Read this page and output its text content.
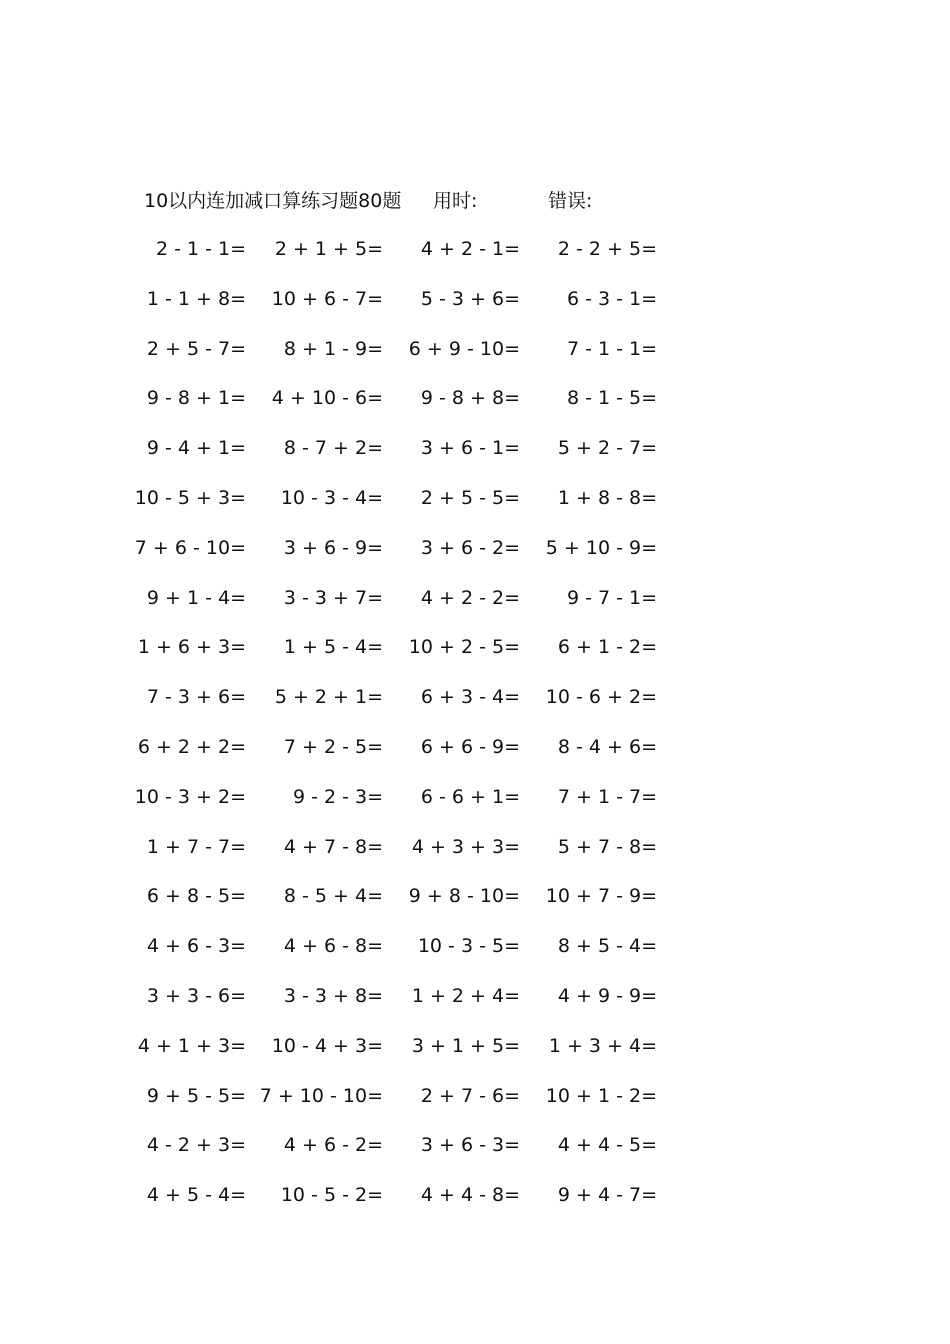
10以内连加减口算练习题80题 用时:	错误:
2 - 1 - 1= 2 + 1 + 5= 4 + 2 - 1= 2 - 2 + 5=
1 - 1 + 8= 10 + 6 - 7= 5 - 3 + 6= 6 - 3 - 1=
2 + 5 - 7= 8 + 1 - 9= 6 + 9 - 10= 7 - 1 - 1=
9 - 8 + 1= 4 + 10 - 6= 9 - 8 + 8= 8 - 1 - 5=
9 - 4 + 1= 8 - 7 + 2= 3 + 6 - 1= 5 + 2 - 7=
10 - 5 + 3= 10 - 3 - 4= 2 + 5 - 5= 1 + 8 - 8=
7 + 6 - 10= 3 + 6 - 9= 3 + 6 - 2= 5 + 10 - 9=
9 + 1 - 4= 3 - 3 + 7= 4 + 2 - 2= 9 - 7 - 1=
1 + 6 + 3= 1 + 5 - 4= 10 + 2 - 5= 6 + 1 - 2=
7 - 3 + 6= 5 + 2 + 1= 6 + 3 - 4= 10 - 6 + 2=
6 + 2 + 2= 7 + 2 - 5= 6 + 6 - 9= 8 - 4 + 6=
10 - 3 + 2= 9 - 2 - 3= 6 - 6 + 1= 7 + 1 - 7=
1 + 7 - 7= 4 + 7 - 8= 4 + 3 + 3= 5 + 7 - 8=
6 + 8 - 5= 8 - 5 + 4= 9 + 8 - 10= 10 + 7 - 9=
4 + 6 - 3= 4 + 6 - 8= 10 - 3 - 5= 8 + 5 - 4=
3 + 3 - 6= 3 - 3 + 8= 1 + 2 + 4= 4 + 9 - 9=
4 + 1 + 3= 10 - 4 + 3= 3 + 1 + 5= 1 + 3 + 4=
9 + 5 - 5= 7 + 10 - 10= 2 + 7 - 6= 10 + 1 - 2=
4 - 2 + 3= 4 + 6 - 2= 3 + 6 - 3= 4 + 4 - 5=
4 + 5 - 4= 10 - 5 - 2= 4 + 4 - 8= 9 + 4 - 7=
